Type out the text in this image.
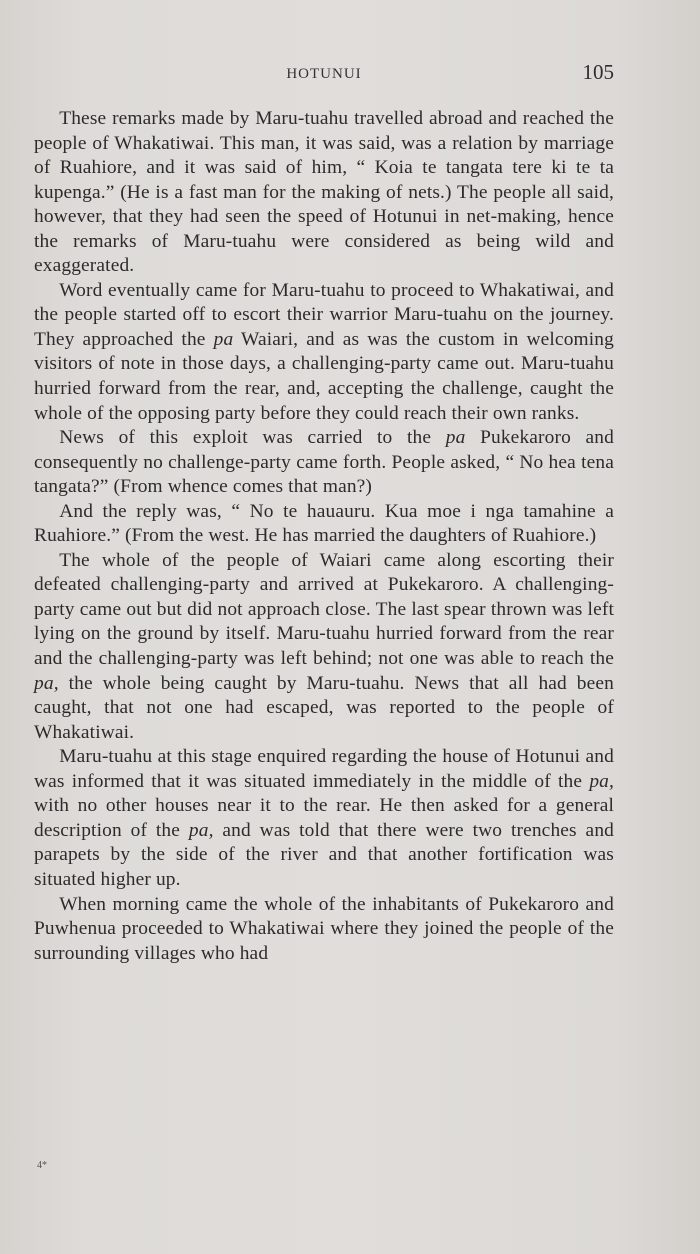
HOTUNUI	105

These remarks made by Maru-tuahu travelled abroad and reached the people of Whakatiwai. This man, it was said, was a relation by marriage of Ruahiore, and it was said of him, “ Koia te tangata tere ki te ta kupenga.” (He is a fast man for the making of nets.) The people all said, however, that they had seen the speed of Hotunui in net-making, hence the remarks of Maru-tuahu were considered as being wild and exaggerated.

Word eventually came for Maru-tuahu to proceed to Whakatiwai, and the people started off to escort their warrior Maru-tuahu on the journey. They approached the pa Waiari, and as was the custom in welcoming visitors of note in those days, a challenging-party came out. Maru-tuahu hurried forward from the rear, and, accepting the challenge, caught the whole of the opposing party before they could reach their own ranks.

News of this exploit was carried to the pa Pukekaroro and consequently no challenge-party came forth. People asked, “ No hea tena tangata?” (From whence comes that man?)

And the reply was, “ No te hauauru. Kua moe i nga tamahine a Ruahiore.” (From the west. He has married the daughters of Ruahiore.)

The whole of the people of Waiari came along escorting their defeated challenging-party and arrived at Pukekaroro. A challenging-party came out but did not approach close. The last spear thrown was left lying on the ground by itself. Maru-tuahu hurried forward from the rear and the challenging-party was left behind; not one was able to reach the pa, the whole being caught by Maru-tuahu. News that all had been caught, that not one had escaped, was reported to the people of Whakatiwai.

Maru-tuahu at this stage enquired regarding the house of Hotunui and was informed that it was situated immediately in the middle of the pa, with no other houses near it to the rear. He then asked for a general description of the pa, and was told that there were two trenches and parapets by the side of the river and that another fortification was situated higher up.

When morning came the whole of the inhabitants of Pukekaroro and Puwhenua proceeded to Whakatiwai where they joined the people of the surrounding villages who had

4*
